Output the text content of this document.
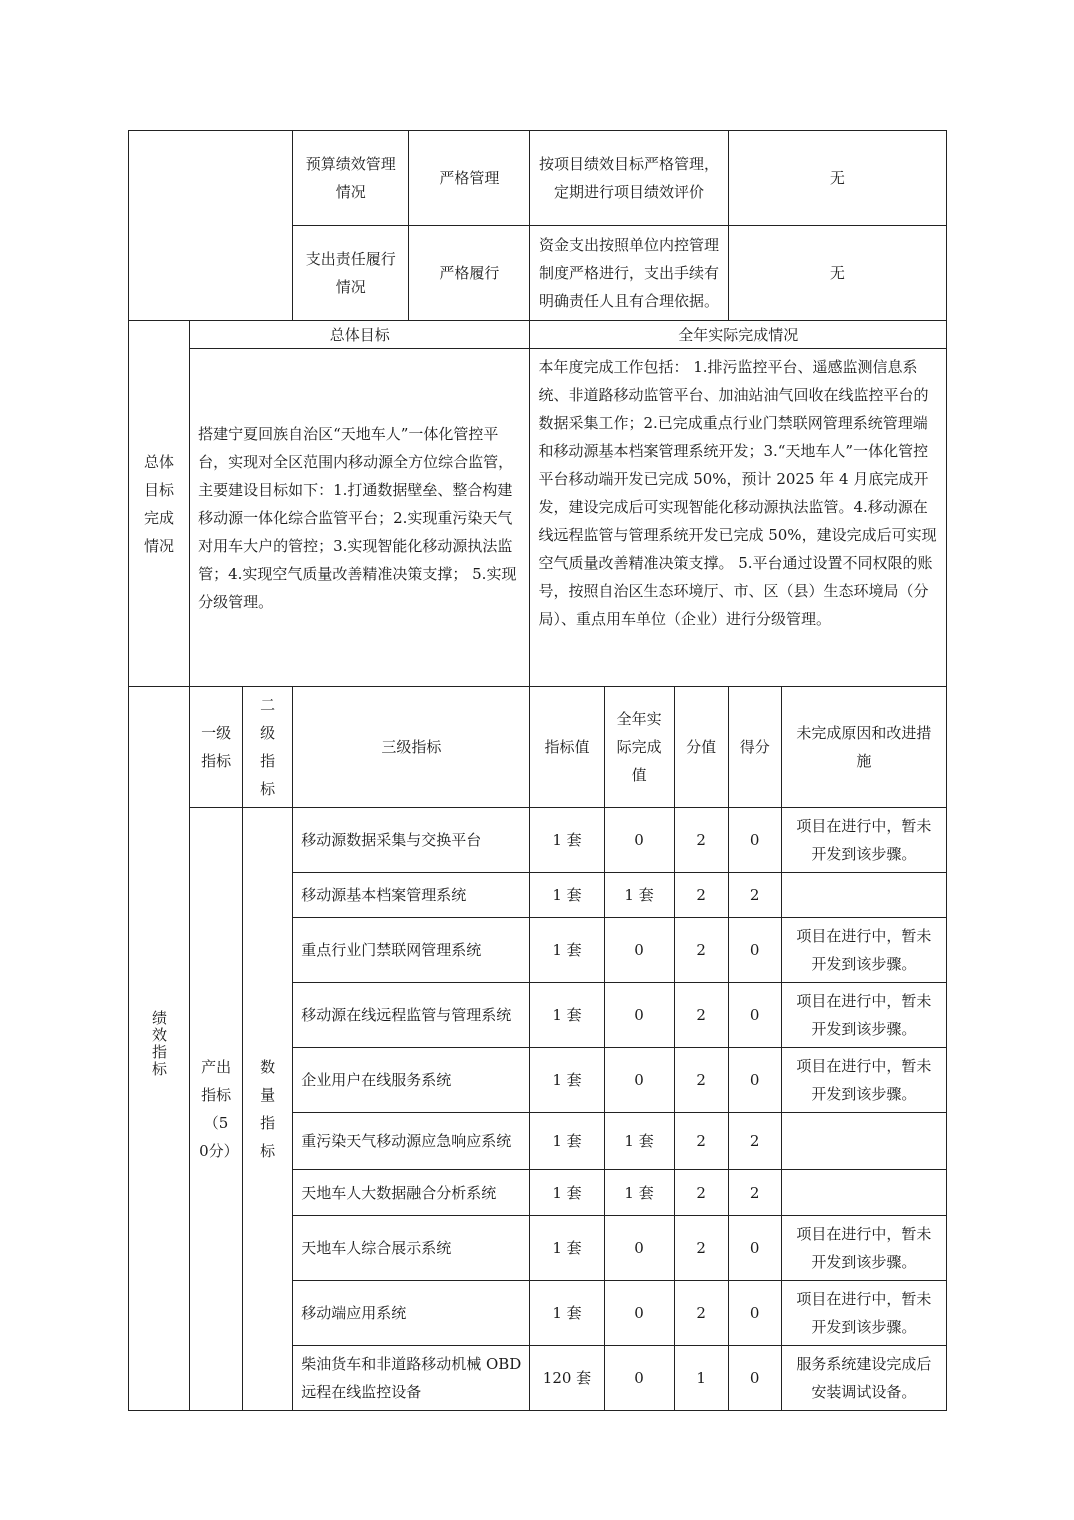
			预算绩效管理情况	严格管理	按项目绩效目标严格管理，定期进行项目绩效评价			无	
			支出责任履行情况	严格履行	资金支出按照单位内控管理制度严格进行，支出手续有明确责任人且有合理依据。			无	

总体目标完成情况	总体目标				全年实际完成情况				
	搭建宁夏回族自治区“天地车人”一体化管控平台，实现对全区范围内移动源全方位综合监管，主要建设目标如下：1.打通数据壁垒、整合构建移动源一体化综合监管平台；2.实现重污染天气对用车大户的管控；3.实现智能化移动源执法监管；4.实现空气质量改善精准决策支撑； 5.实现分级管理。				本年度完成工作包括： 1.排污监控平台、遥感监测信息系统、非道路移动监管平台、加油站油气回收在线监控平台的数据采集工作；2.已完成重点行业门禁联网管理系统管理端和移动源基本档案管理系统开发；3.“天地车人”一体化管控平台移动端开发已完成 50%，预计 2025 年 4 月底完成开发，建设完成后可实现智能化移动源执法监管。4.移动源在线远程监管与管理系统开发已完成 50%，建设完成后可实现空气质量改善精准决策支撑。 5.平台通过设置不同权限的账号，按照自治区生态环境厅、市、区（县）生态环境局（分局）、重点用车单位（企业）进行分级管理。				
绩效指标	一级指标	二级指标	三级指标		指标值	全年实际完成值	分值	得分	未完成原因和改进措施

	产出指标（50分）	数量指标	移动源数据采集与交换平台		1 套	0	2	0	项目在进行中，暂未开发到该步骤。
			移动源基本档案管理系统		1 套	1 套	2	2	
			重点行业门禁联网管理系统		1 套	0	2	0	项目在进行中，暂未开发到该步骤。
			移动源在线远程监管与管理系统		1 套	0	2	0	项目在进行中，暂未开发到该步骤。
			企业用户在线服务系统		1 套	0	2	0	项目在进行中，暂未开发到该步骤。
			重污染天气移动源应急响应系统		1 套	1 套	2	2	
			天地车人大数据融合分析系统		1 套	1 套	2	2	
			天地车人综合展示系统		1 套	0	2	0	项目在进行中，暂未开发到该步骤。
			移动端应用系统		1 套	0	2	0	项目在进行中，暂未开发到该步骤。
			柴油货车和非道路移动机械 OBD 远程在线监控设备		120 套	0	1	0	服务系统建设完成后安装调试设备。
